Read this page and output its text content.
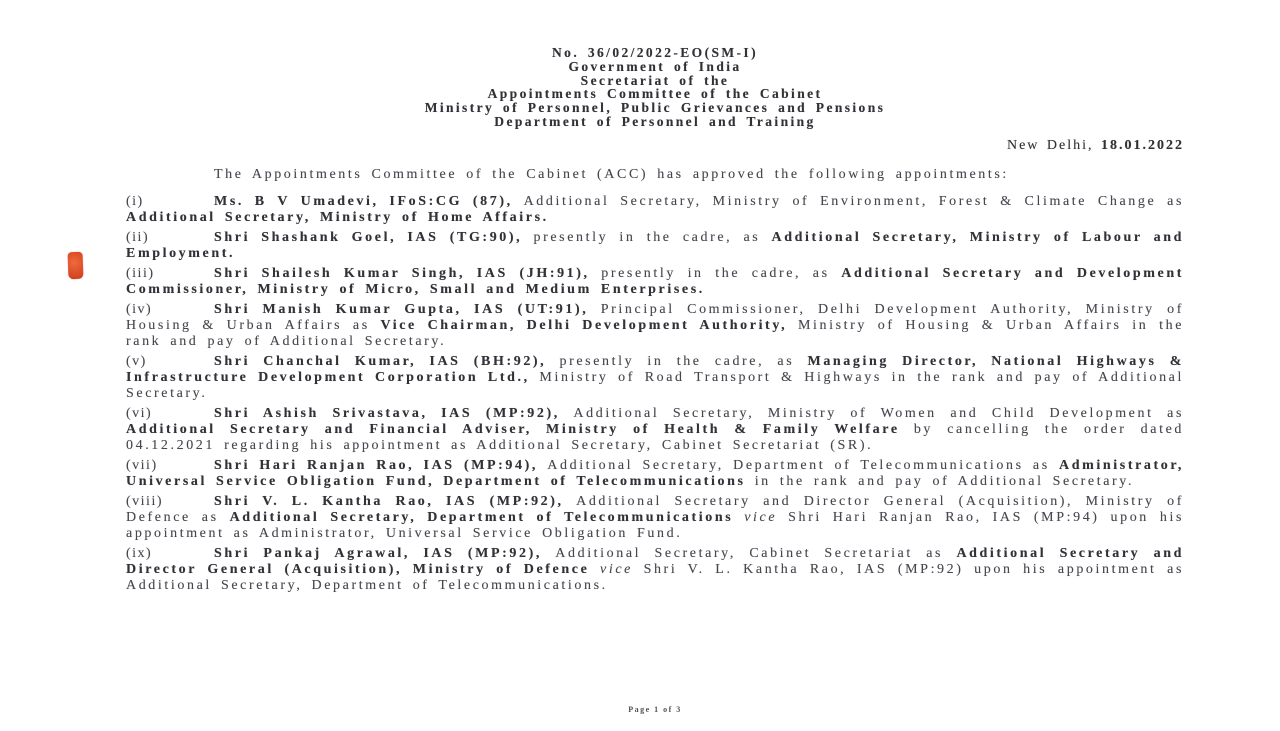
No. 36/02/2022-EO(SM-I)
Government of India
Secretariat of the
Appointments Committee of the Cabinet
Ministry of Personnel, Public Grievances and Pensions
Department of Personnel and Training
New Delhi, 18.01.2022

The Appointments Committee of the Cabinet (ACC) has approved the following appointments:

(i)	Ms. B V Umadevi, IFoS:CG (87), Additional Secretary, Ministry of Environment, Forest & Climate Change as Additional Secretary, Ministry of Home Affairs.

(ii)	Shri Shashank Goel, IAS (TG:90), presently in the cadre, as Additional Secretary, Ministry of Labour and Employment.

(iii)	Shri Shailesh Kumar Singh, IAS (JH:91), presently in the cadre, as Additional Secretary and Development Commissioner, Ministry of Micro, Small and Medium Enterprises.

(iv)	Shri Manish Kumar Gupta, IAS (UT:91), Principal Commissioner, Delhi Development Authority, Ministry of Housing & Urban Affairs as Vice Chairman, Delhi Development Authority, Ministry of Housing & Urban Affairs in the rank and pay of Additional Secretary.

(v)	Shri Chanchal Kumar, IAS (BH:92), presently in the cadre, as Managing Director, National Highways & Infrastructure Development Corporation Ltd., Ministry of Road Transport & Highways in the rank and pay of Additional Secretary.

(vi)	Shri Ashish Srivastava, IAS (MP:92), Additional Secretary, Ministry of Women and Child Development as Additional Secretary and Financial Adviser, Ministry of Health & Family Welfare by cancelling the order dated 04.12.2021 regarding his appointment as Additional Secretary, Cabinet Secretariat (SR).

(vii)	Shri Hari Ranjan Rao, IAS (MP:94), Additional Secretary, Department of Telecommunications as Administrator, Universal Service Obligation Fund, Department of Telecommunications in the rank and pay of Additional Secretary.

(viii)	Shri V. L. Kantha Rao, IAS (MP:92), Additional Secretary and Director General (Acquisition), Ministry of Defence as Additional Secretary, Department of Telecommunications vice Shri Hari Ranjan Rao, IAS (MP:94) upon his appointment as Administrator, Universal Service Obligation Fund.

(ix)	Shri Pankaj Agrawal, IAS (MP:92), Additional Secretary, Cabinet Secretariat as Additional Secretary and Director General (Acquisition), Ministry of Defence vice Shri V. L. Kantha Rao, IAS (MP:92) upon his appointment as Additional Secretary, Department of Telecommunications.

Page 1 of 3
